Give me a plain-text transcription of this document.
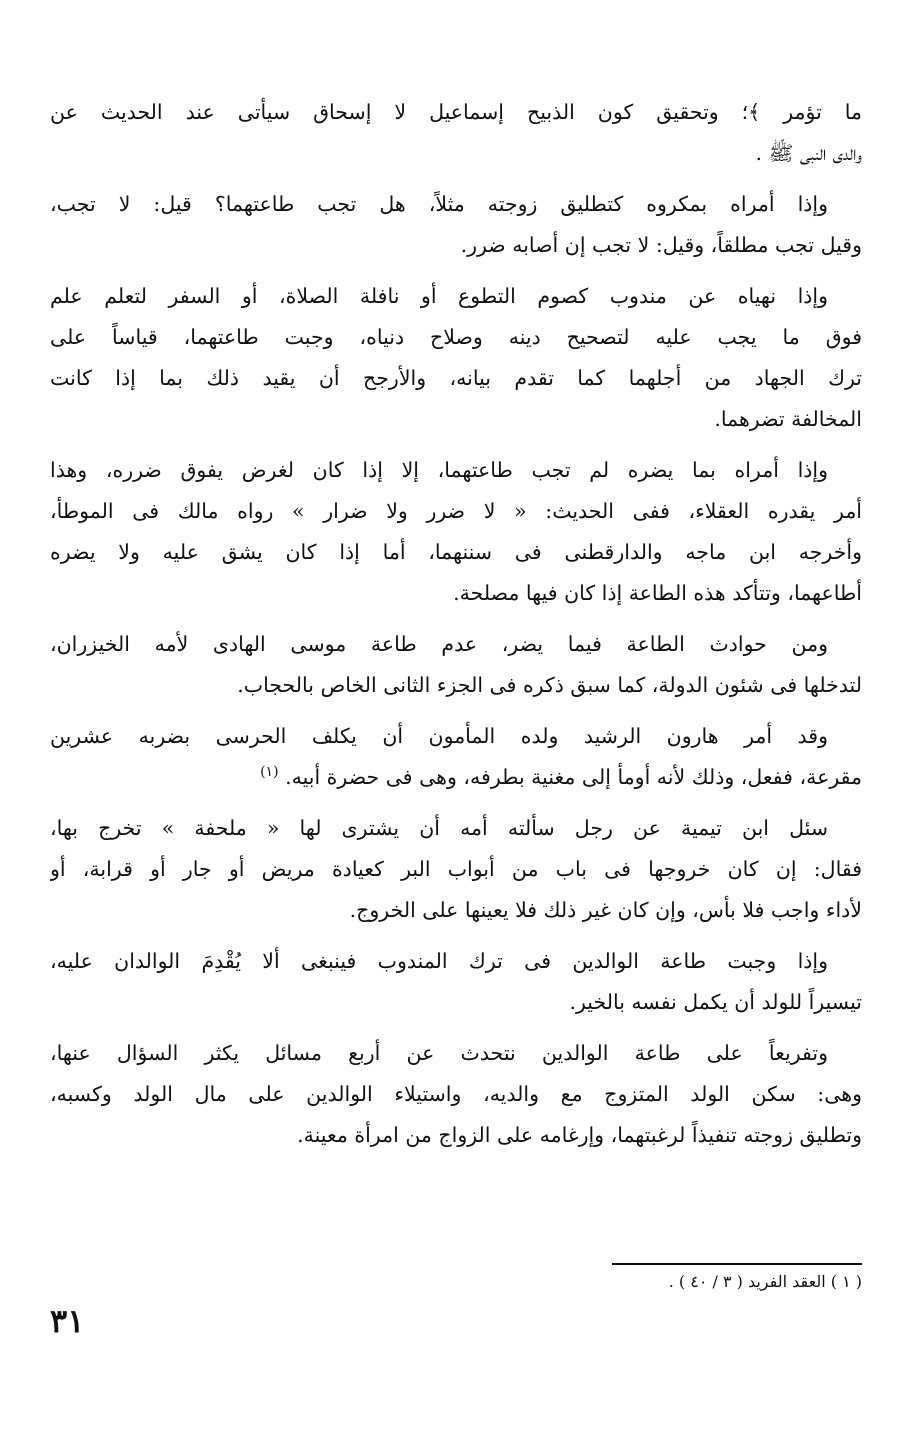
ما تؤمر ﴾؛ وتحقيق كون الذبيح إسماعيل لا إسحاق سيأتى عند الحديث عن
والدى النبى ﷺ .
وإذا أمراه بمكروه كتطليق زوجته مثلاً، هل تجب طاعتهما؟ قيل: لا تجب،
وقيل تجب مطلقاً، وقيل: لا تجب إن أصابه ضرر.
وإذا نهياه عن مندوب كصوم التطوع أو نافلة الصلاة، أو السفر لتعلم علم
فوق ما يجب عليه لتصحيح دينه وصلاح دنياه، وجبت طاعتهما، قياساً على
ترك الجهاد من أجلهما كما تقدم بيانه، والأرجح أن يقيد ذلك بما إذا كانت
المخالفة تضرهما.
وإذا أمراه بما يضره لم تجب طاعتهما، إلا إذا كان لغرض يفوق ضرره، وهذا
أمر يقدره العقلاء، ففى الحديث: « لا ضرر ولا ضرار » رواه مالك فى الموطأ،
وأخرجه ابن ماجه والدارقطنى فى سننهما، أما إذا كان يشق عليه ولا يضره
أطاعهما، وتتأكد هذه الطاعة إذا كان فيها مصلحة.
ومن حوادث الطاعة فيما يضر، عدم طاعة موسى الهادى لأمه الخيزران،
لتدخلها فى شئون الدولة، كما سبق ذكره فى الجزء الثانى الخاص بالحجاب.
وقد أمر هارون الرشيد ولده المأمون أن يكلف الحرسى بضربه عشرين
مقرعة، ففعل، وذلك لأنه أومأ إلى مغنية بطرفه، وهى فى حضرة أبيه. $^{(١)}$
سئل ابن تيمية عن رجل سألته أمه أن يشترى لها « ملحفة » تخرج بها،
فقال: إن كان خروجها فى باب من أبواب البر كعيادة مريض أو جار أو قرابة، أو
لأداء واجب فلا بأس، وإن كان غير ذلك فلا يعينها على الخروج.
وإذا وجبت طاعة الوالدين فى ترك المندوب فينبغى ألا يُقْدِمَ الوالدان عليه،
تيسيراً للولد أن يكمل نفسه بالخير.
وتفريعاً على طاعة الوالدين نتحدث عن أربع مسائل يكثر السؤال عنها،
وهى: سكن الولد المتزوج مع والديه، واستيلاء الوالدين على مال الولد وكسبه،
وتطليق زوجته تنفيذاً لرغبتهما، وإرغامه على الزواج من امرأة معينة.
( ١ ) العقد الفريد ( ٣ / ٤٠ ) .
٣١
